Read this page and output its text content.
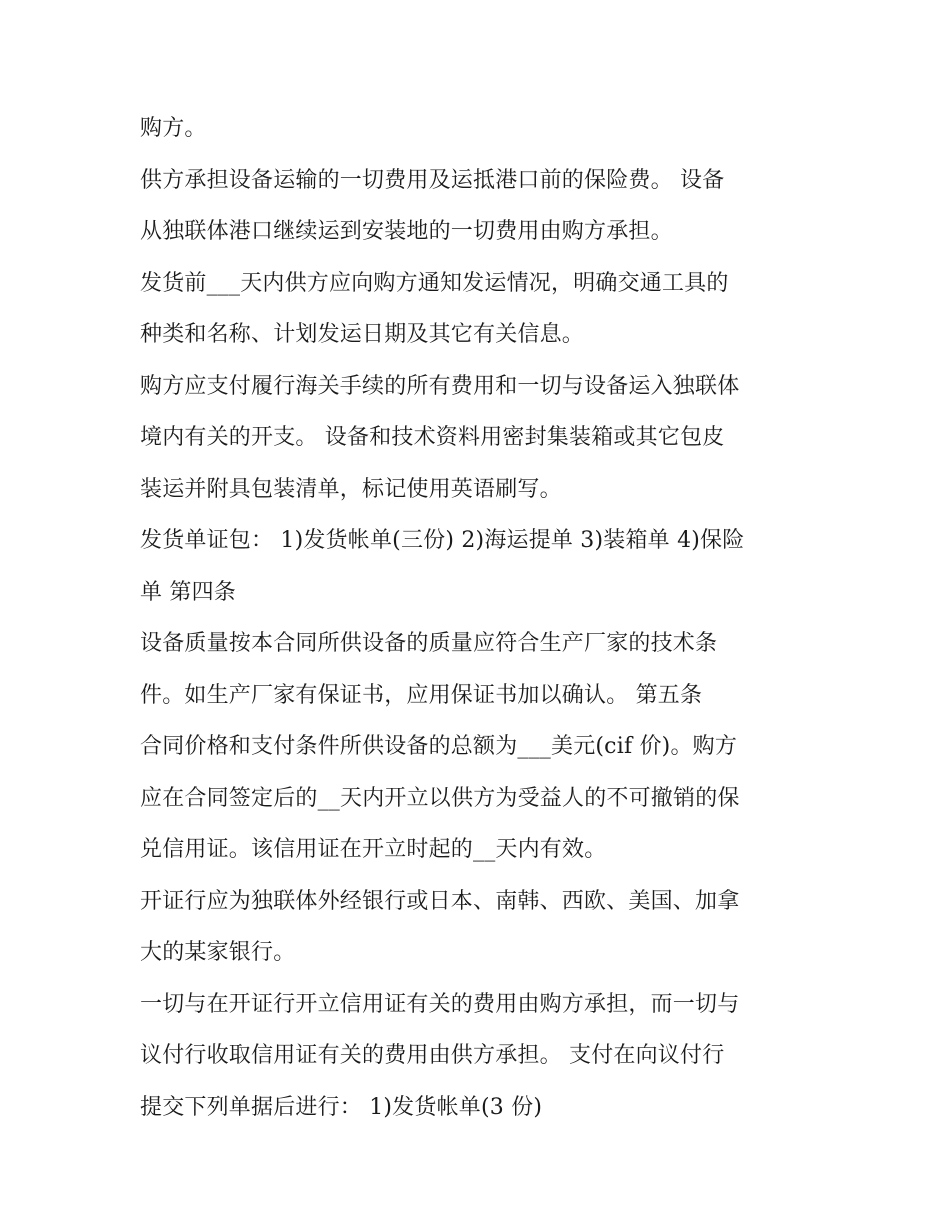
购方。
供方承担设备运输的一切费用及运抵港口前的保险费。 设备
从独联体港口继续运到安装地的一切费用由购方承担。
发货前___天内供方应向购方通知发运情况，明确交通工具的
种类和名称、计划发运日期及其它有关信息。
购方应支付履行海关手续的所有费用和一切与设备运入独联体
境内有关的开支。 设备和技术资料用密封集装箱或其它包皮
装运并附具包装清单，标记使用英语刷写。
发货单证包： 1)发货帐单(三份) 2)海运提单 3)装箱单 4)保险
单 第四条
设备质量按本合同所供设备的质量应符合生产厂家的技术条
件。如生产厂家有保证书，应用保证书加以确认。 第五条
合同价格和支付条件所供设备的总额为___美元(cif 价)。购方
应在合同签定后的__天内开立以供方为受益人的不可撤销的保
兑信用证。该信用证在开立时起的__天内有效。
开证行应为独联体外经银行或日本、南韩、西欧、美国、加拿
大的某家银行。
一切与在开证行开立信用证有关的费用由购方承担，而一切与
议付行收取信用证有关的费用由供方承担。 支付在向议付行
提交下列单据后进行： 1)发货帐单(3 份)
